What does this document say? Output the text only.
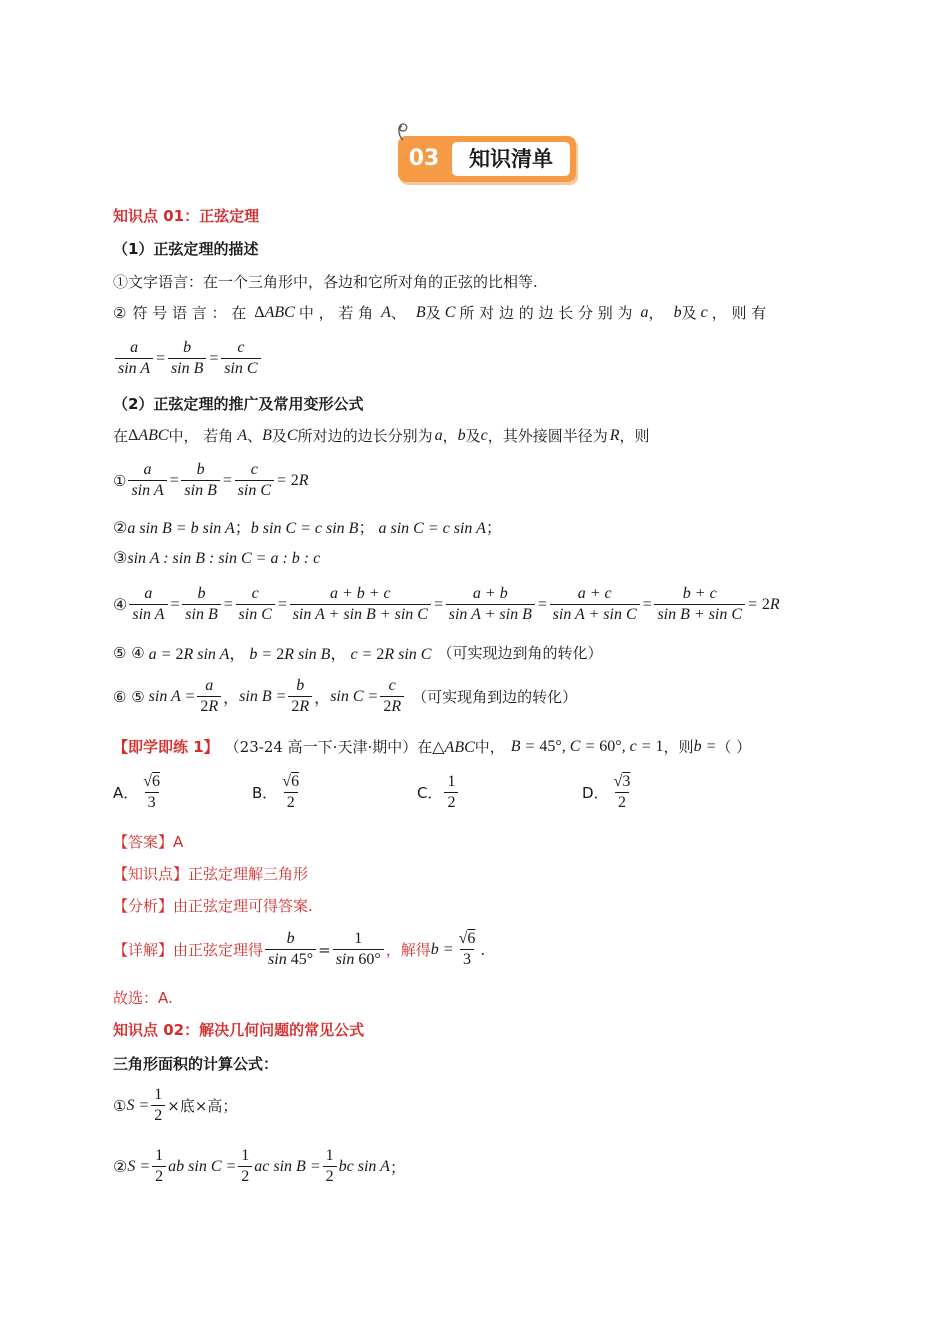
03	知识清单
知识点 01：正弦定理
（1）正弦定理的描述
①文字语言：在一个三角形中，各边和它所对角的正弦的比相等.
② 符 号 语 言 ： 在 ΔABC 中 ， 若 角 A 、 B 及 C 所 对 边 的 边 长 分 别 为 a ， b 及 c ， 则 有
$\frac{a}{\text{sin A}} = \frac{b}{\text{sin B}} = \frac{c}{\text{sin C}}$
（2）正弦定理的推广及常用变形公式
在 ΔABC 中， 若角 A 、 B 及 C 所对边的边长分别为 a ， b 及 c ，其外接圆半径为 R ，则
① $\frac{a}{\text{sin A}} = \frac{b}{\text{sin B}} = \frac{c}{\text{sin C}} = 2$ R
②a sin B = b sin A；b sin C = c sin B； a sin C = c sin A；
③sin A : sin B : sin C = a : b : c
④ $\frac{a}{\text{sin A}} = \frac{b}{\text{sin B}} = \frac{c}{\text{sin C}} = \frac{a + b + c}{\text{sin A + sin B + sin C}} = \frac{a + b}{\text{sin A + sin B}} = \frac{a + c}{\text{sin A + sin C}} = \frac{b + c}{\text{sin B + sin C}} = 2$ R
⑤ ④ a = 2R sin A， b = 2R sin B， c = 2R sin C （可实现边到角的转化）
⑥ ⑤ $\sin A = \frac{a}{2R}$ ， $\sin B = \frac{b}{2R}$ ， $\sin C = \frac{c}{2R}$ （可实现角到边的转化）
【即学即练 1】 （23-24 高一下·天津·期中）在 △ABC 中， B = 45°, C = 60°, c = 1 ，则 b = （ ）
A． $\frac{√6}{3}$	B． $\frac{√6}{2}$	C． $\frac{1}{2}$	D． $\frac{√3}{2}$
【答案】A
【知识点】正弦定理解三角形
【分析】由正弦定理可得答案.
【详解】 由正弦定理得 $\frac{b}{\sin 45^\circ} = \frac{1}{\sin 60^\circ}$ ，解得 $b = \frac{√6}{3}$ .
故选：A.
知识点 02：解决几何问题的常见公式
三角形面积的计算公式：
① $S = \frac{1}{2}$ ×底×高；
② $S = \frac{1}{2}$ ab $\sin C = \frac{1}{2}$ ac $\sin B = \frac{1}{2}$ bc sin A ；
